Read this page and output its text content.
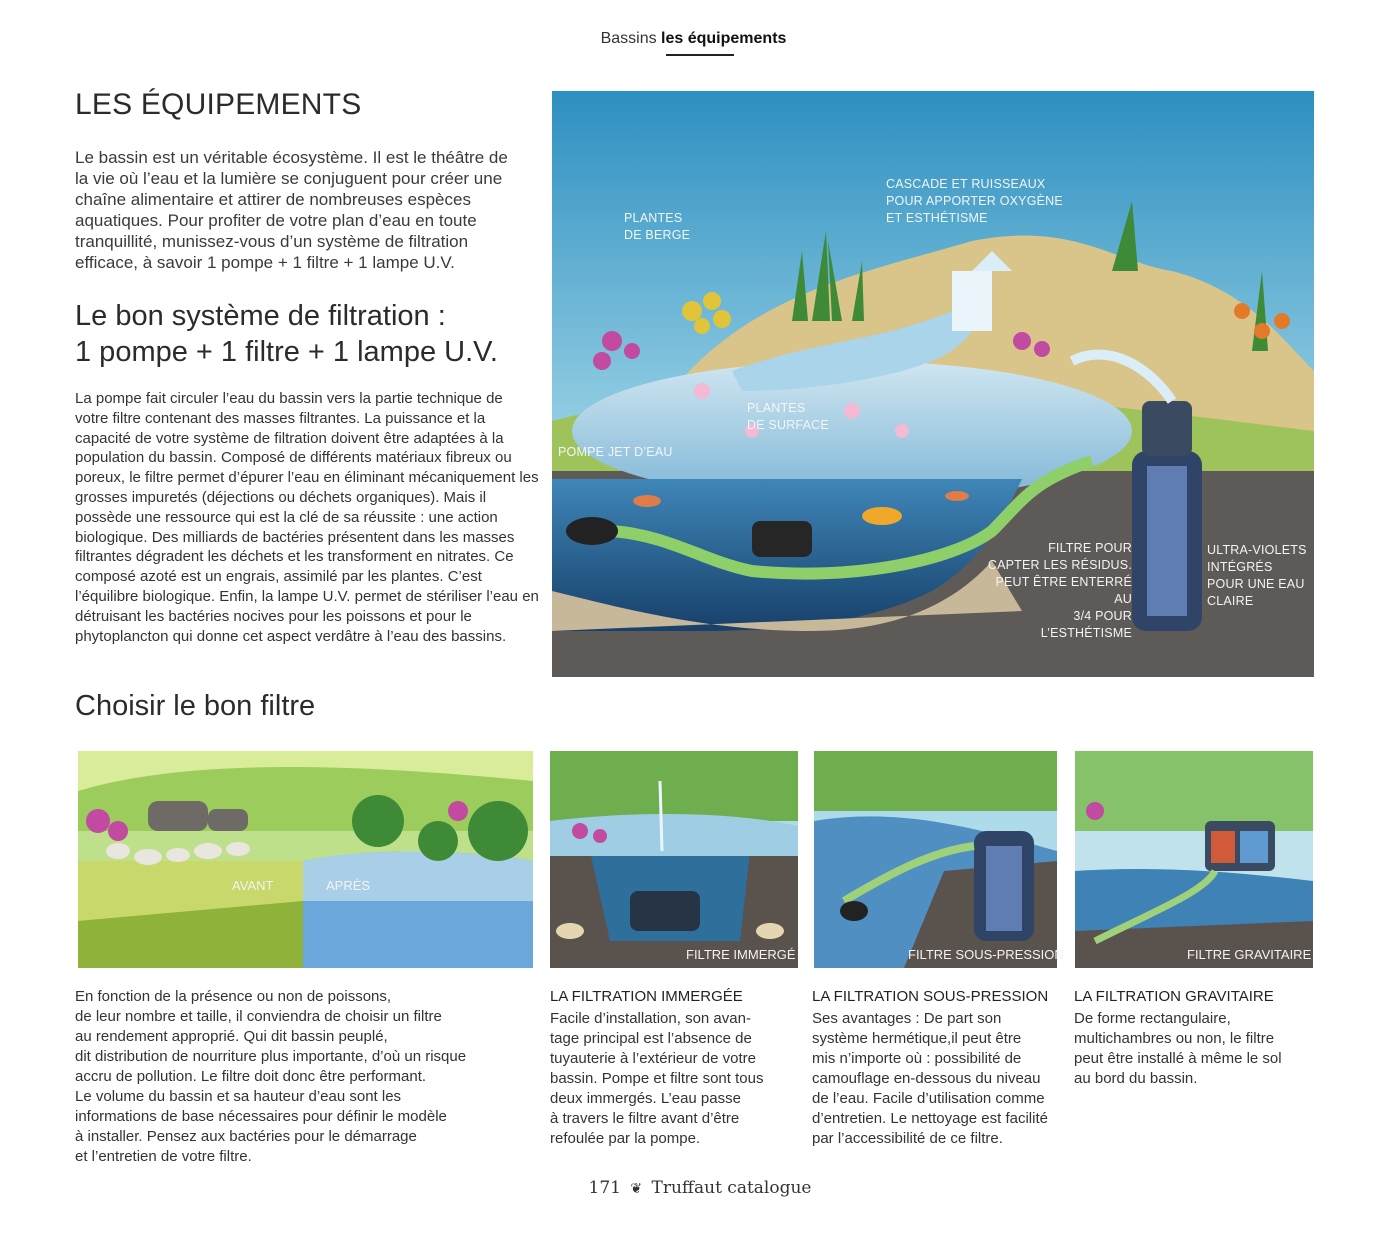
Bassins les équipements
LES ÉQUIPEMENTS
Le bassin est un véritable écosystème. Il est le théâtre de la vie où l’eau et la lumière se conjuguent pour créer une chaîne alimentaire et attirer de nombreuses espèces aquatiques. Pour profiter de votre plan d’eau en toute tranquillité, munissez-vous d’un système de filtration efficace, à savoir 1 pompe + 1 filtre + 1 lampe U.V.
Le bon système de filtration :
1 pompe + 1 filtre + 1 lampe U.V.
La pompe fait circuler l’eau du bassin vers la partie technique de votre filtre contenant des masses filtrantes. La puissance et la capacité de votre système de filtration doivent être adaptées à la population du bassin. Composé de différents matériaux fibreux ou poreux, le filtre permet d’épurer l’eau en éliminant mécaniquement les grosses impuretés (déjections ou déchets organiques). Mais il possède une ressource qui est la clé de sa réussite : une action biologique. Des milliards de bactéries présentent dans les masses filtrantes dégradent les déchets et les transforment en nitrates. Ce composé azoté est un engrais, assimilé par les plantes. C’est l’équilibre biologique. Enfin, la lampe U.V. permet de stériliser l’eau en détruisant les bactéries nocives pour les poissons et pour le phytoplancton qui donne cet aspect verdâtre à l’eau des bassins.
PLANTES
DE BERGE
CASCADE ET RUISSEAUX
POUR APPORTER OXYGÈNE
ET ESTHÉTISME
PLANTES
DE SURFACE
POMPE JET D’EAU
FILTRE POUR
CAPTER LES RÉSIDUS.
PEUT ÊTRE ENTERRÉ AU
3/4 POUR L’ESTHÉTISME
ULTRA-VIOLETS
INTÉGRÉS
POUR UNE EAU
CLAIRE
Choisir le bon filtre
AVANT	APRÈS
FILTRE IMMERGÉ	FILTRE SOUS-PRESSION	FILTRE GRAVITAIRE
En fonction de la présence ou non de poissons,
de leur nombre et taille, il conviendra de choisir un filtre
au rendement approprié. Qui dit bassin peuplé,
dit distribution de nourriture plus importante, d’où un risque
accru de pollution. Le filtre doit donc être performant.
Le volume du bassin et sa hauteur d’eau sont les
informations de base nécessaires pour définir le modèle
à installer. Pensez aux bactéries pour le démarrage
et l’entretien de votre filtre.
LA FILTRATION IMMERGÉE
Facile d’installation, son avan-
tage principal est l’absence de
tuyauterie à l’extérieur de votre
bassin. Pompe et filtre sont tous
deux immergés. L’eau passe
à travers le filtre avant d’être
refoulée par la pompe.
LA FILTRATION SOUS-PRESSION
Ses avantages : De part son
système hermétique,il peut être
mis n’importe où : possibilité de
camouflage en-dessous du niveau
de l’eau. Facile d’utilisation comme
d’entretien. Le nettoyage est facilité
par l’accessibilité de ce filtre.
LA FILTRATION GRAVITAIRE
De forme rectangulaire,
multichambres ou non, le filtre
peut être installé à même le sol
au bord du bassin.
171 ❦ Truffaut catalogue
